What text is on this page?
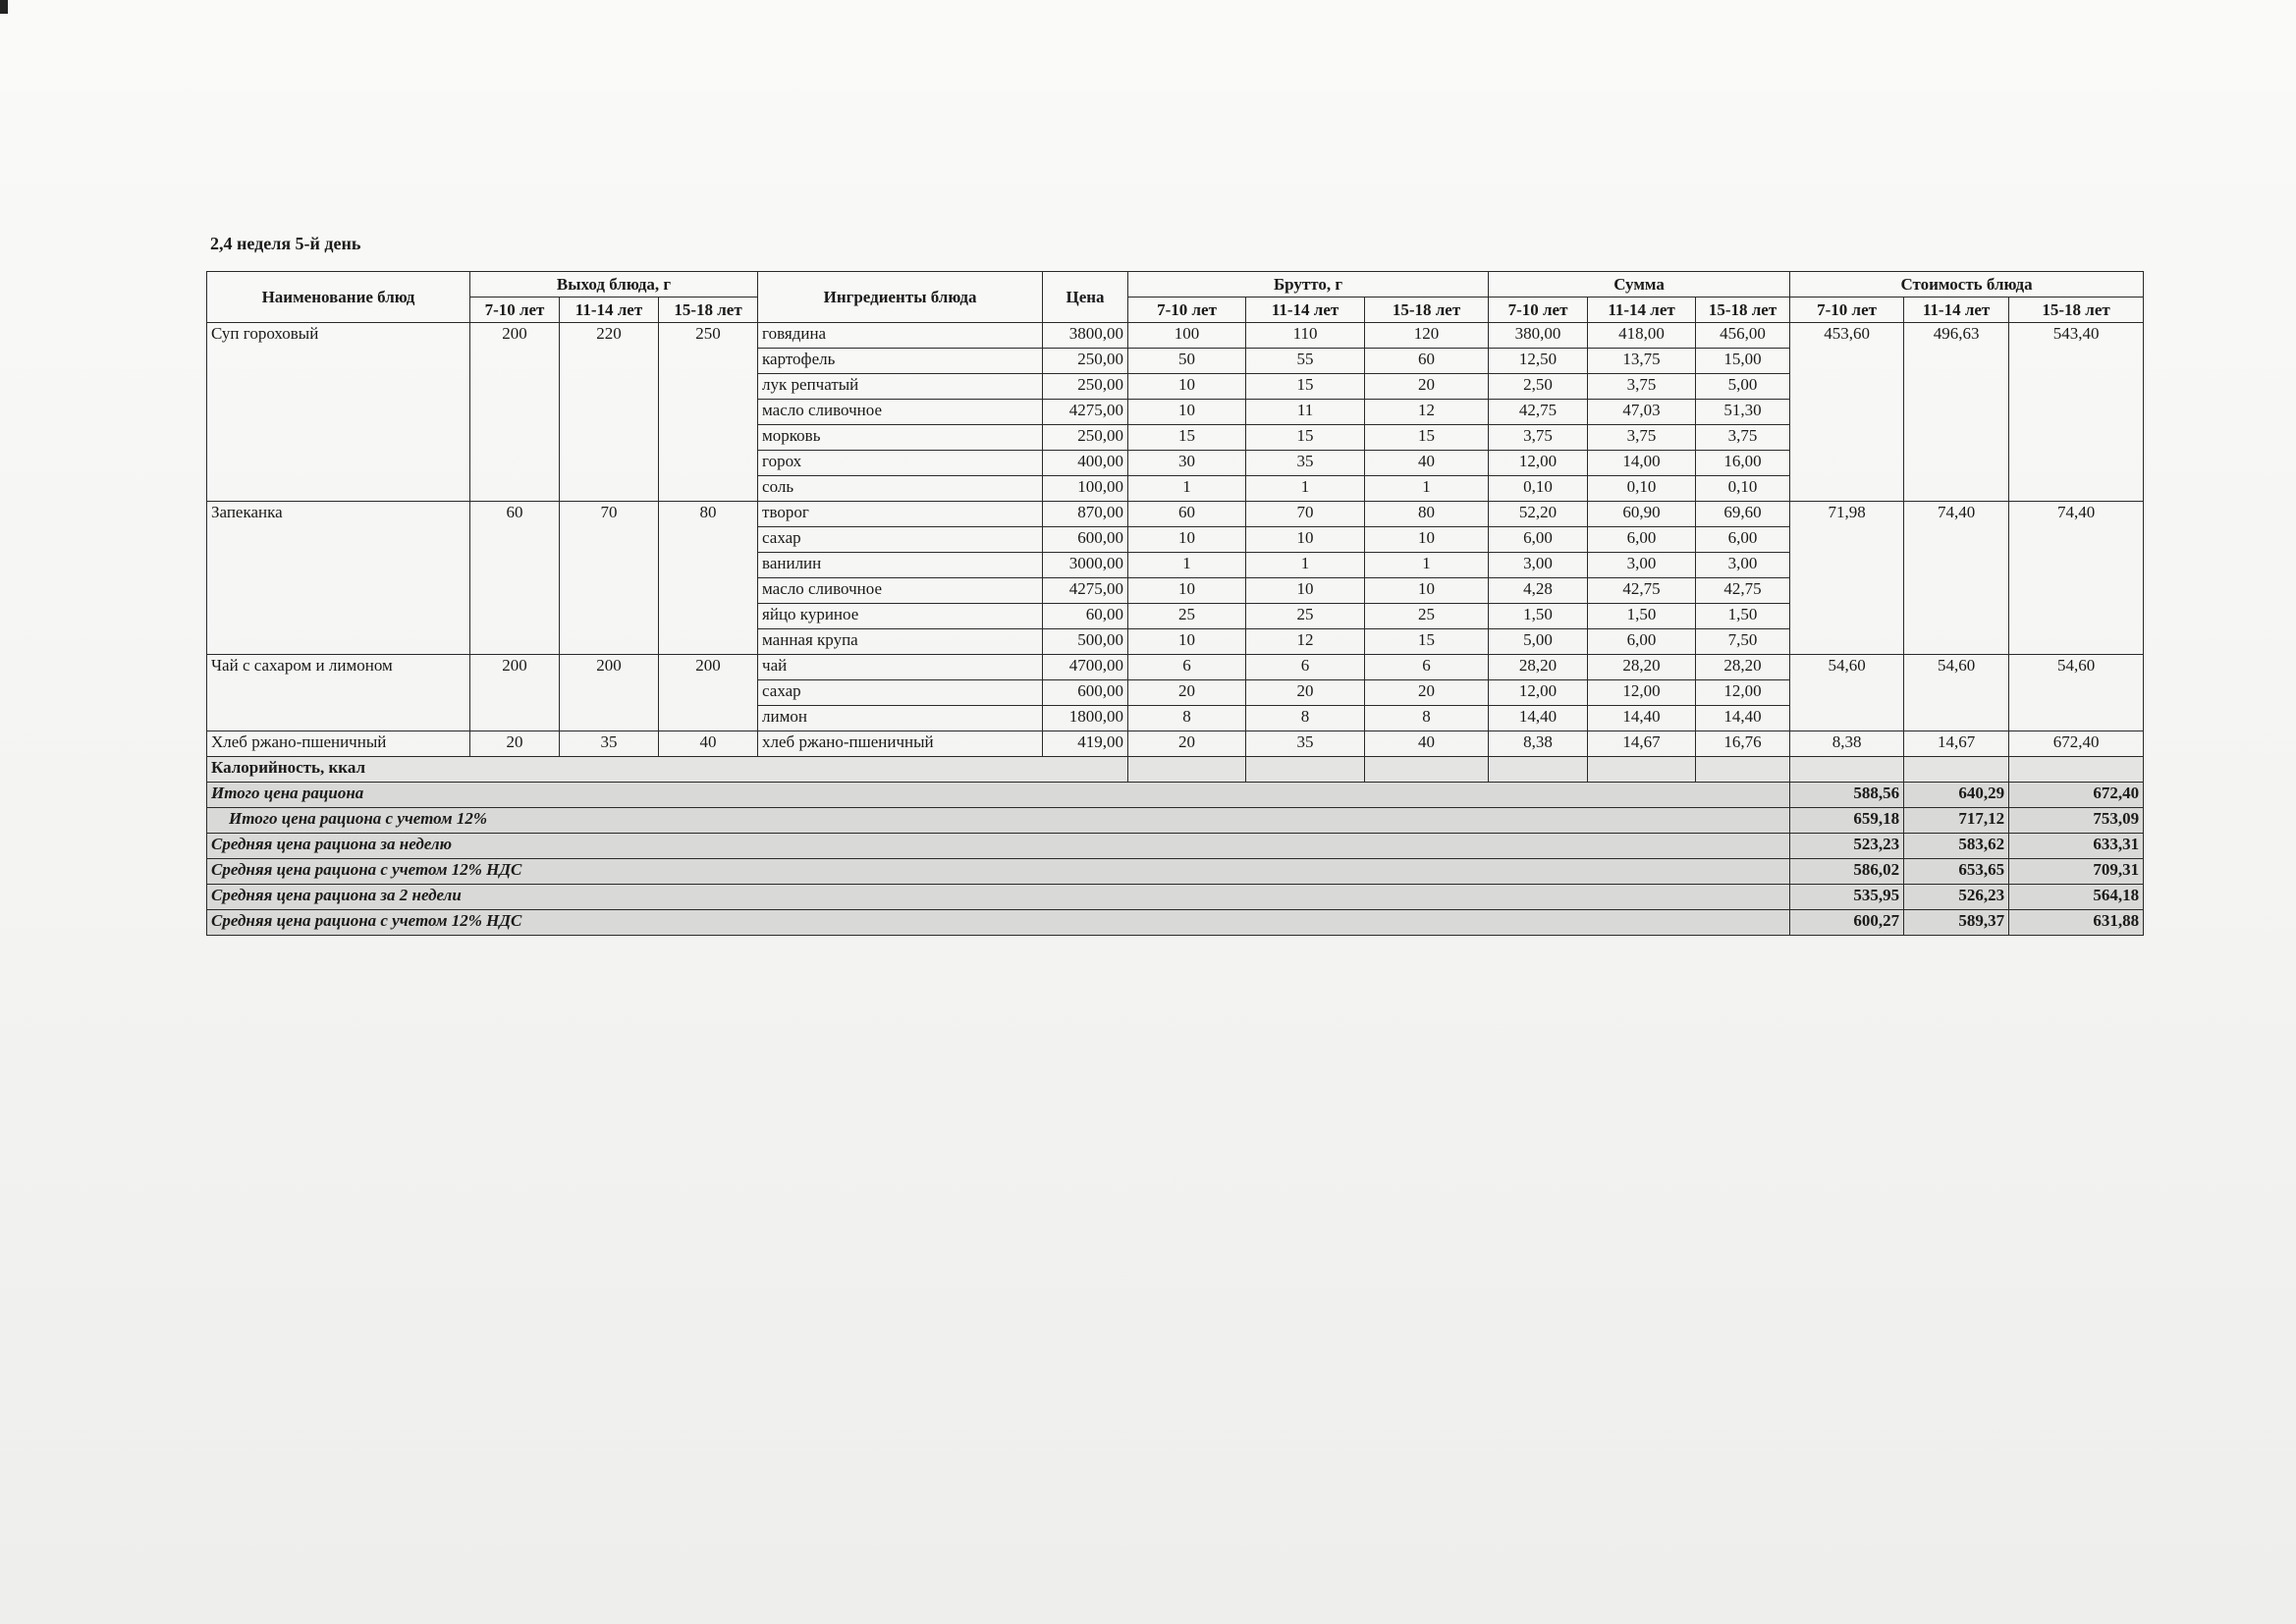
2,4 неделя 5-й день
Наименование блюд	Выход блюда, г			Ингредиенты блюда	Цена	Брутто, г			Сумма			Стоимость блюда		
	7-10 лет	11-14 лет	15-18 лет			7-10 лет	11-14 лет	15-18 лет	7-10 лет	11-14 лет	15-18 лет	7-10 лет	11-14 лет	15-18 лет
Суп гороховый	200	220	250	говядина	3800,00	100	110	120	380,00	418,00	456,00	453,60	496,63	543,40
				картофель	250,00	50	55	60	12,50	13,75	15,00			
				лук репчатый	250,00	10	15	20	2,50	3,75	5,00			
				масло сливочное	4275,00	10	11	12	42,75	47,03	51,30			
				морковь	250,00	15	15	15	3,75	3,75	3,75			
				горох	400,00	30	35	40	12,00	14,00	16,00			
				соль	100,00	1	1	1	0,10	0,10	0,10			
Запеканка	60	70	80	творог	870,00	60	70	80	52,20	60,90	69,60	71,98	74,40	74,40
				сахар	600,00	10	10	10	6,00	6,00	6,00			
				ванилин	3000,00	1	1	1	3,00	3,00	3,00			
				масло сливочное	4275,00	10	10	10	4,28	42,75	42,75			
				яйцо куриное	60,00	25	25	25	1,50	1,50	1,50			
				манная крупа	500,00	10	12	15	5,00	6,00	7,50			
Чай с сахаром и лимоном	200	200	200	чай	4700,00	6	6	6	28,20	28,20	28,20	54,60	54,60	54,60
				сахар	600,00	20	20	20	12,00	12,00	12,00			
				лимон	1800,00	8	8	8	14,40	14,40	14,40			
Хлеб ржано-пшеничный	20	35	40	хлеб ржано-пшеничный	419,00	20	35	40	8,38	14,67	16,76	8,38	14,67	672,40
Калорийность, ккал														
Итого цена рациона												588,56	640,29	672,40
Итого цена рациона с учетом 12%												659,18	717,12	753,09
Средняя цена рациона за неделю												523,23	583,62	633,31
Средняя цена рациона с учетом 12% НДС												586,02	653,65	709,31
Средняя цена рациона за 2 недели												535,95	526,23	564,18
Средняя цена рациона с учетом 12% НДС												600,27	589,37	631,88
